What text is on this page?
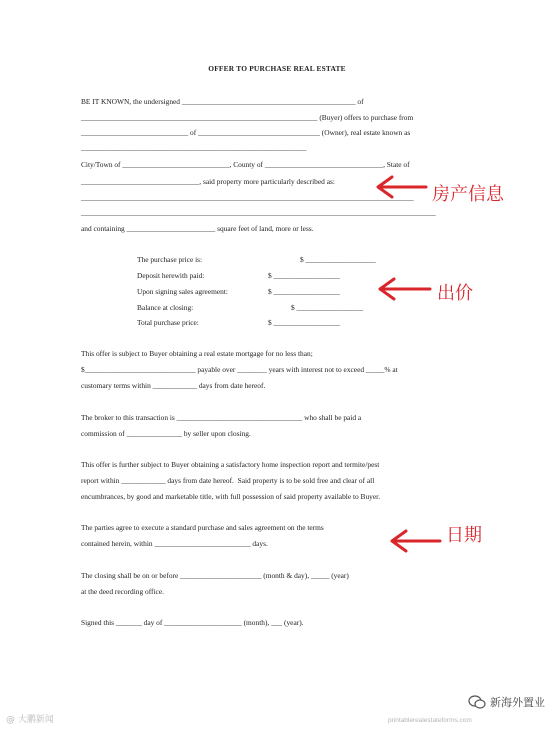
OFFER TO PURCHASE REAL ESTATE
BE IT KNOWN, the undersigned _______________________________________________ of
________________________________________________________________ (Buyer) offers to purchase from
_____________________________ of _________________________________ (Owner), real estate known as
_____________________________________________________________
City/Town of _____________________________, County of ________________________________, State of
________________________________, said property more particularly described as:
__________________________________________________________________________________________
________________________________________________________________________________________________
and containing ________________________ square feet of land, more or less.
The purchase price is:	$ ___________________
Deposit herewith paid:	$ __________________
Upon signing sales agreement:	$ __________________
Balance at closing:	$ __________________
Total purchase price:	$ __________________
This offer is subject to Buyer obtaining a real estate mortgage for no less than;
$______________________________ payable over ________ years with interest not to exceed _____% at
customary terms within ____________ days from date hereof.
The broker to this transaction is __________________________________ who shall be paid a
commission of _______________ by seller upon closing.
This offer is further subject to Buyer obtaining a satisfactory home inspection report and termite/pest
report within ____________ days from date hereof.  Said property is to be sold free and clear of all
encumbrances, by good and marketable title, with full possession of said property available to Buyer.
The parties agree to execute a standard purchase and sales agreement on the terms
contained herein, within __________________________ days.
The closing shall be on or before ______________________ (month & day), _____ (year)
at the deed recording office.
Signed this _______ day of _____________________ (month), ___ (year).
房产信息
出价
日期
@️ 大鹏新闻	printablerealestateforms.com
新海外置业
